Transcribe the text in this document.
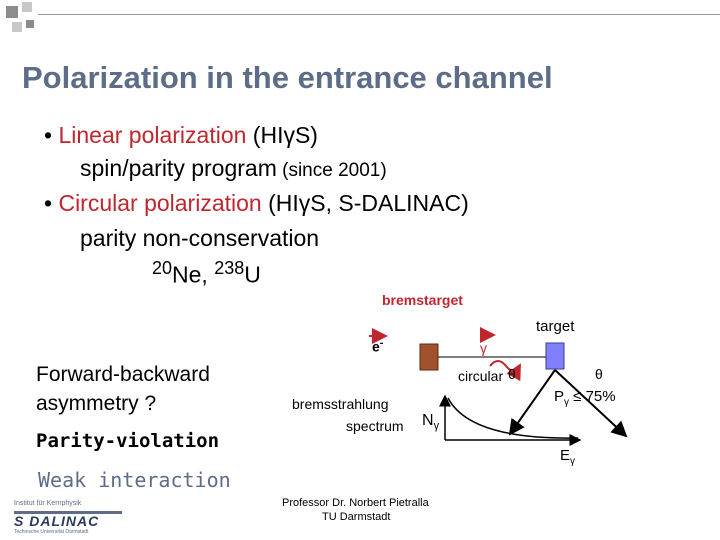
Polarization in the entrance channel
• Linear polarization (HIγS)
spin/parity program (since 2001)
• Circular polarization (HIγS, S-DALINAC)
parity non-conservation
$^{20}$Ne, $^{238}$U
Forward-backward
asymmetry ?
Parity-violation
Weak interaction
bremstarget
target
e-	γ
circular θ	θ
bremsstrahlung
spectrum $N_\gamma$
$P_\gamma \le 75\%$
$E_\gamma$
Professor Dr. Norbert Pietralla
TU Darmstadt
Institut für Kernphysik
S DALINAC
Technische Universität Darmstadt
